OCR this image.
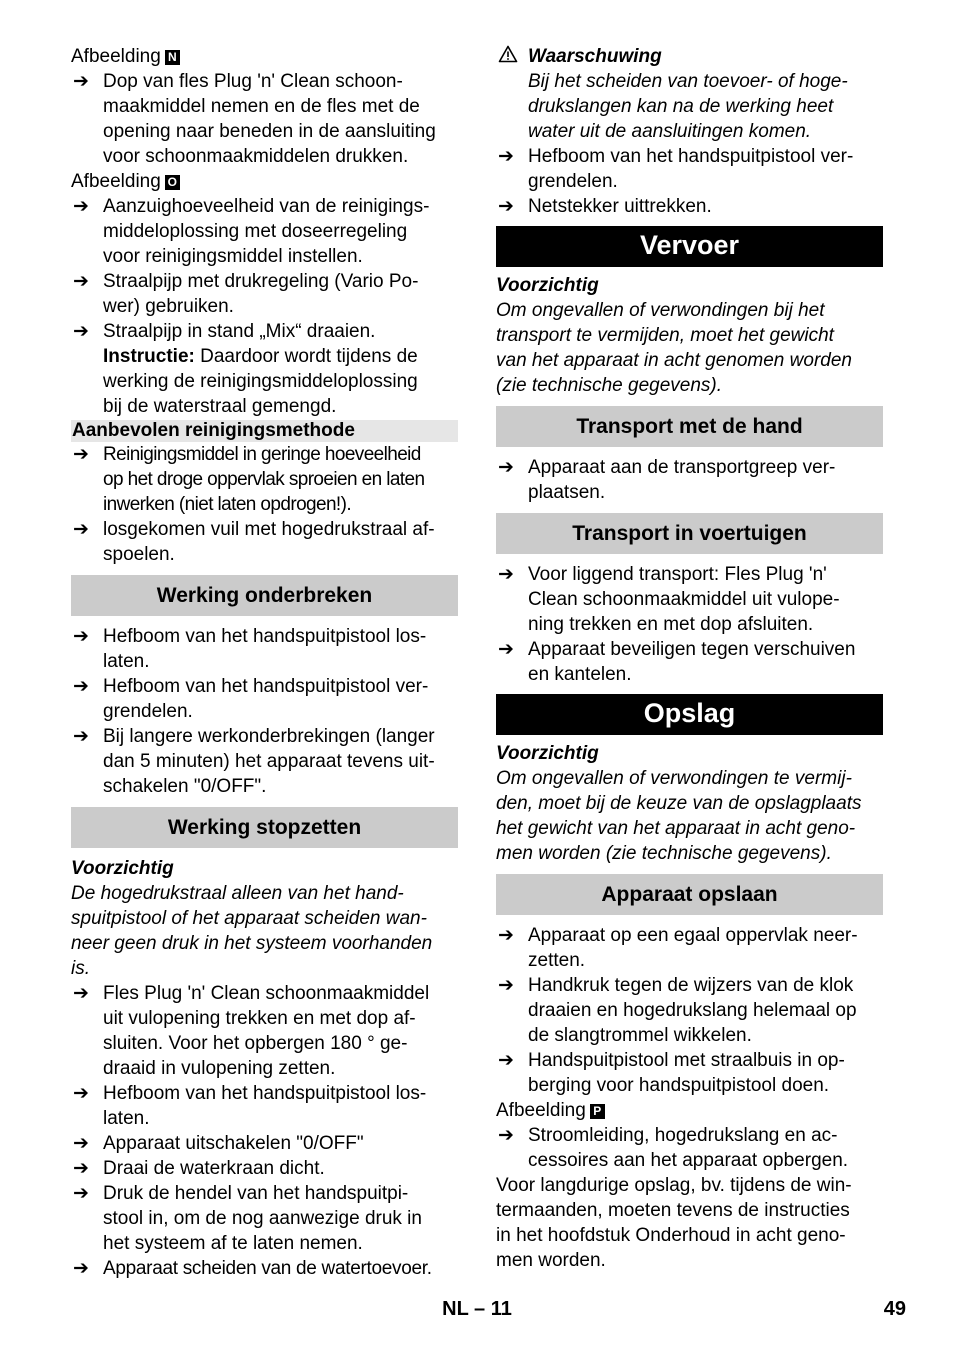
Afbeelding N
➔ Dop van fles Plug 'n' Clean schoon-
maakmiddel nemen en de fles met de
opening naar beneden in de aansluiting
voor schoonmaakmiddelen drukken.
Afbeelding O
➔ Aanzuighoeveelheid van de reinigings-
middeloplossing met doseerregeling
voor reinigingsmiddel instellen.
➔ Straalpijp met drukregeling (Vario Po-
wer) gebruiken.
➔ Straalpijp in stand „Mix“ draaien.
Instructie: Daardoor wordt tijdens de
werking de reinigingsmiddeloplossing
bij de waterstraal gemengd.
Aanbevolen reinigingsmethode
➔ Reinigingsmiddel in geringe hoeveelheid
op het droge oppervlak sproeien en laten
inwerken (niet laten opdrogen!).
➔ losgekomen vuil met hogedrukstraal af-
spoelen.
Werking onderbreken
➔ Hefboom van het handspuitpistool los-
laten.
➔ Hefboom van het handspuitpistool ver-
grendelen.
➔ Bij langere werkonderbrekingen (langer
dan 5 minuten) het apparaat tevens uit-
schakelen "0/OFF".
Werking stopzetten
Voorzichtig
De hogedrukstraal alleen van het hand-
spuitpistool of het apparaat scheiden wan-
neer geen druk in het systeem voorhanden
is.
➔ Fles Plug 'n' Clean schoonmaakmiddel
uit vulopening trekken en met dop af-
sluiten. Voor het opbergen 180 ° ge-
draaid in vulopening zetten.
➔ Hefboom van het handspuitpistool los-
laten.
➔ Apparaat uitschakelen "0/OFF"
➔ Draai de waterkraan dicht.
➔ Druk de hendel van het handspuitpi-
stool in, om de nog aanwezige druk in
het systeem af te laten nemen.
➔ Apparaat scheiden van de watertoevoer.
Waarschuwing
Bij het scheiden van toevoer- of hoge-
drukslangen kan na de werking heet
water uit de aansluitingen komen.
➔ Hefboom van het handspuitpistool ver-
grendelen.
➔ Netstekker uittrekken.
Vervoer
Voorzichtig
Om ongevallen of verwondingen bij het
transport te vermijden, moet het gewicht
van het apparaat in acht genomen worden
(zie technische gegevens).
Transport met de hand
➔ Apparaat aan de transportgreep ver-
plaatsen.
Transport in voertuigen
➔ Voor liggend transport: Fles Plug 'n'
Clean schoonmaakmiddel uit vulope-
ning trekken en met dop afsluiten.
➔ Apparaat beveiligen tegen verschuiven
en kantelen.
Opslag
Voorzichtig
Om ongevallen of verwondingen te vermij-
den, moet bij de keuze van de opslagplaats
het gewicht van het apparaat in acht geno-
men worden (zie technische gegevens).
Apparaat opslaan
➔ Apparaat op een egaal oppervlak neer-
zetten.
➔ Handkruk tegen de wijzers van de klok
draaien en hogedrukslang helemaal op
de slangtrommel wikkelen.
➔ Handspuitpistool met straalbuis in op-
berging voor handspuitpistool doen.
Afbeelding P
➔ Stroomleiding, hogedrukslang en ac-
cessoires aan het apparaat opbergen.
Voor langdurige opslag, bv. tijdens de win-
termaanden, moeten tevens de instructies
in het hoofdstuk Onderhoud in acht geno-
men worden.
NL – 11	49
